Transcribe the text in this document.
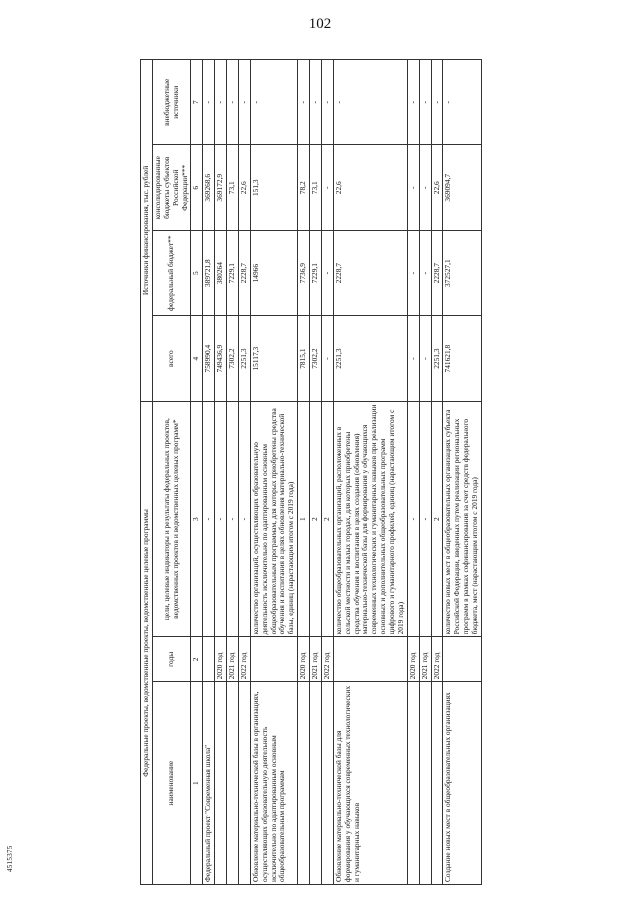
102
4515375
Федеральные проекты, ведомственные проекты, ведомственные целевые программы			Источники финансирования, тыс. рублей			
наименование	годы	цели, целевые индикаторы и результаты федеральных проектов, ведомственных проектов и ведомственных целевых программ*	всего	федеральный бюджет**	консолидированные бюджеты субъектов Российской Федерации***	внебюджетные источники
1	2	3	4	5	6	7
Федеральный проект "Современная школа"		-	758990,4	389721,8	369268,6	-
	2020 год	-	749436,9	380264	369172,9	-
	2021 год	-	7302,2	7229,1	73,1	-
	2022 год	-	2251,3	2228,7	22,6	-
Обновление материально-технической базы в организациях, осуществляющих образовательную деятельность исключительно по адаптированным основным общеобразовательным программам		количество организаций, осуществляющих образовательную деятельность исключительно по адаптированным основным общеобразовательным программам, для которых приобретены средства обучения и воспитания в целях обновления материально-технической базы, единиц (нарастающим итогом с 2019 года)	15117,3	14966	151,3	-
	2020 год	1	7815,1	7736,9	78,2	-
	2021 год	2	7302,2	7229,1	73,1	-
	2022 год	2	-	-	-	-
Обновление материально-технической базы для формирования у обучающихся современных технологических и гуманитарных навыков		количество общеобразовательных организаций, расположенных в сельской местности и малых городах, для которых приобретены средства обучения и воспитания в целях создания (обновления) материально-технической базы для формирования у обучающихся современных технологических и гуманитарных навыков при реализации основных и дополнительных общеобразовательных программ цифрового и гуманитарного профилей, единиц (нарастающим итогом с 2019 года)	2251,3	2228,7	22,6	-
	2020 год	-	-	-	-	-
	2021 год	-	-	-	-	-
	2022 год	2	2251,3	2228,7	22,6	-
Создание новых мест в общеобразовательных организациях		количество новых мест в общеобразовательных организациях субъекта Российской Федерации, введенных путем реализации региональных программ в рамках софинансирования за счет средств федерального бюджета, мест (нарастающим итогом с 2019 года)	741621,8	372527,1	369094,7	-
